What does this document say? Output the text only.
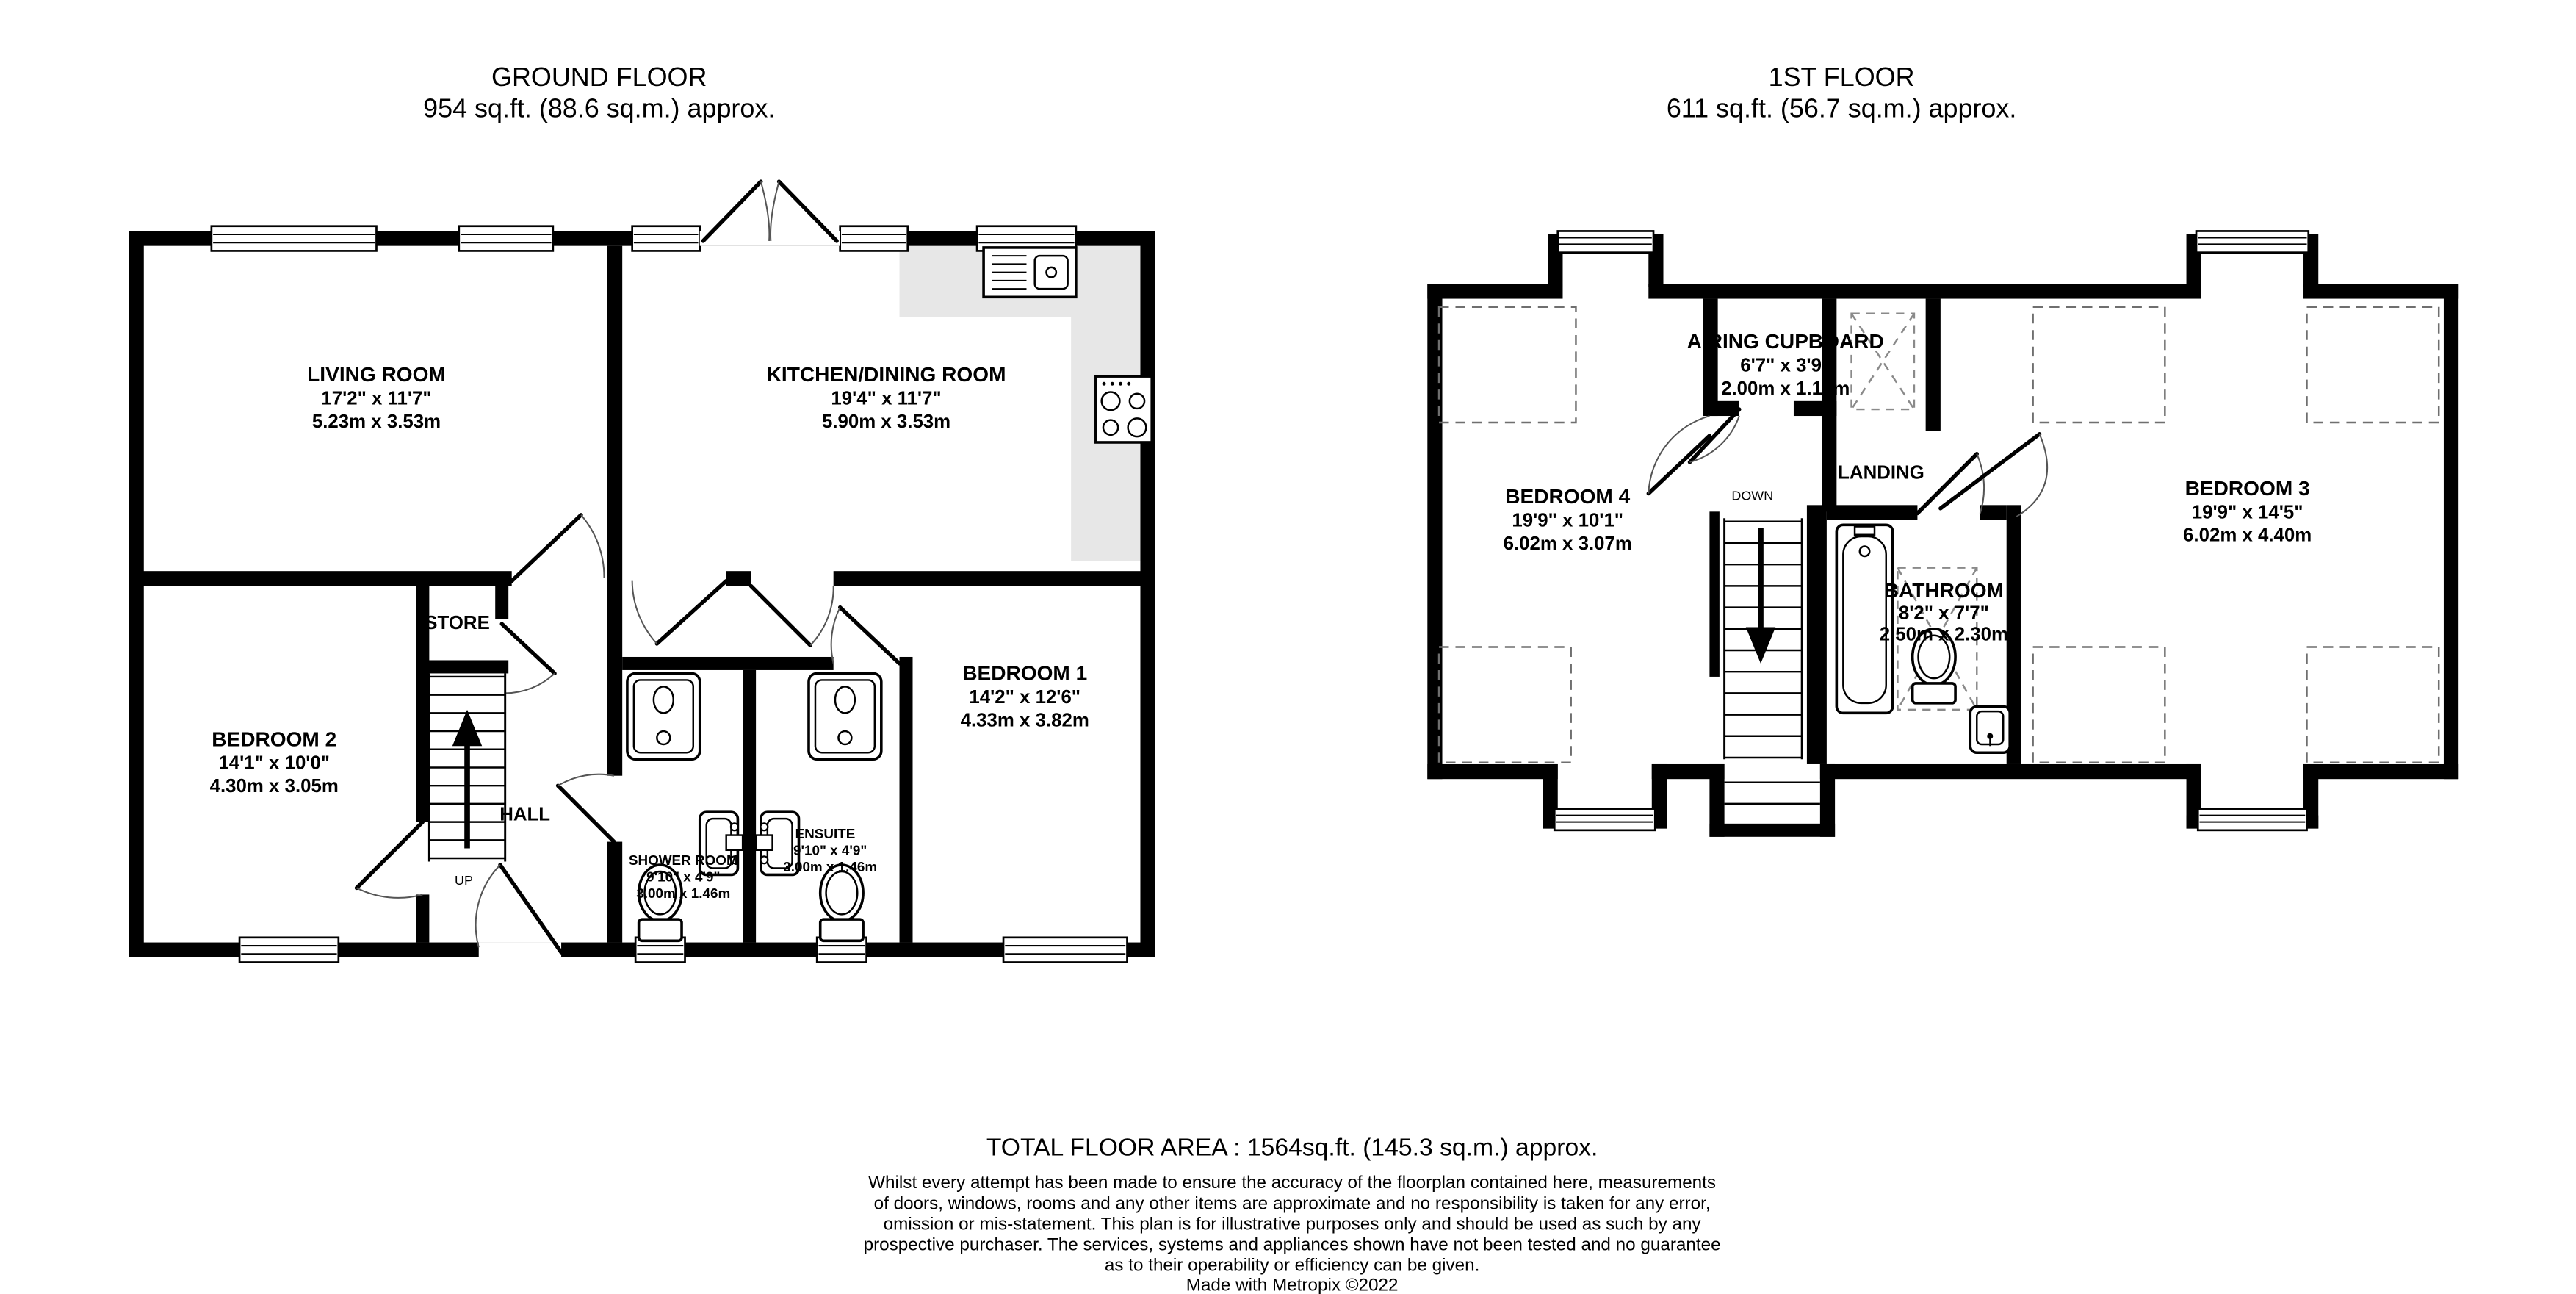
GROUND FLOOR
954 sq.ft. (88.6 sq.m.) approx.
UP
LIVING ROOM
17'2" x 11'7"
5.23m x 3.53m
KITCHEN/DINING ROOM
19'4" x 11'7"
5.90m x 3.53m
BEDROOM 2
14'1" x 10'0"
4.30m x 3.05m
BEDROOM 1
14'2" x 12'6"
4.33m x 3.82m
STORE
HALL
SHOWER ROOM
9'10" x 4'9"
3.00m x 1.46m
ENSUITE
9'10" x 4'9"
3.00m x 1.46m
1ST FLOOR
611 sq.ft. (56.7 sq.m.) approx.
DOWN
BEDROOM 4
19'9" x 10'1"
6.02m x 3.07m
BEDROOM 3
19'9" x 14'5"
6.02m x 4.40m
AIRING CUPBOARD
6'7" x 3'9"
2.00m x 1.15m
BATHROOM
8'2" x 7'7"
2.50m x 2.30m
LANDING
TOTAL FLOOR AREA : 1564sq.ft. (145.3 sq.m.) approx.
Whilst every attempt has been made to ensure the accuracy of the floorplan contained here, measurements
of doors, windows, rooms and any other items are approximate and no responsibility is taken for any error,
omission or mis-statement. This plan is for illustrative purposes only and should be used as such by any
prospective purchaser. The services, systems and appliances shown have not been tested and no guarantee
as to their operability or efficiency can be given.
Made with Metropix ©2022
